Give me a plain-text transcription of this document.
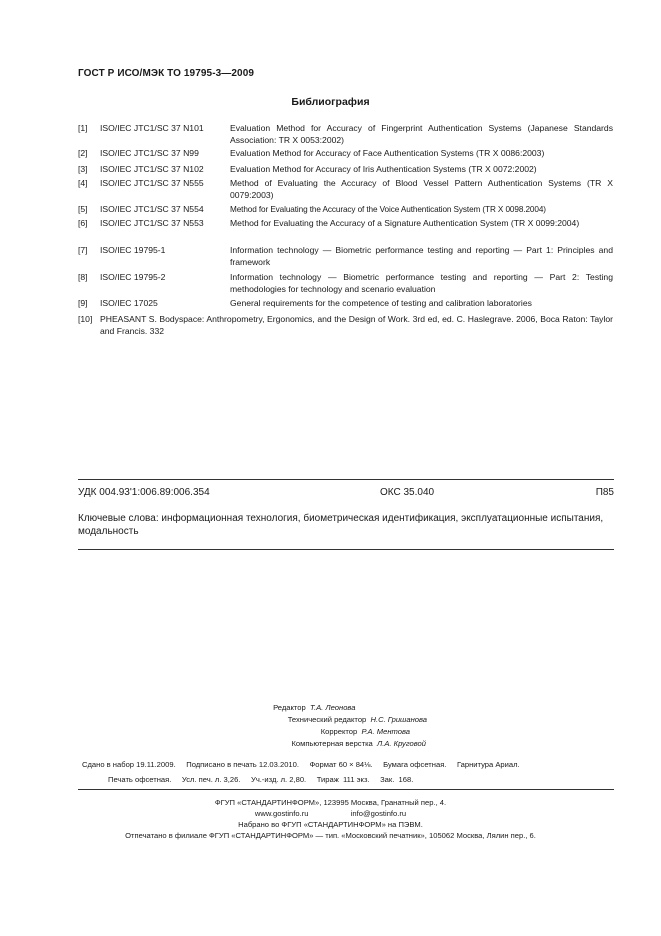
ГОСТ Р ИСО/МЭК ТО 19795-3—2009
Библиография
[1] ISO/IEC JTC1/SC 37 N101	Evaluation Method for Accuracy of Fingerprint Authentication Systems (Japanese Standards Association: TR X 0053:2002)
[2] ISO/IEC JTC1/SC 37 N99	Evaluation Method for Accuracy of Face Authentication Systems (TR X 0086:2003)
[3] ISO/IEC JTC1/SC 37 N102	Evaluation Method for Accuracy of Iris Authentication Systems (TR X 0072:2002)
[4] ISO/IEC JTC1/SC 37 N555	Method of Evaluating the Accuracy of Blood Vessel Pattern Authentication Systems (TR X 0079:2003)
[5] ISO/IEC JTC1/SC 37 N554	Method for Evaluating the Accuracy of the Voice Authentication System (TR X 0098.2004)
[6] ISO/IEC JTC1/SC 37 N553	Method for Evaluating the Accuracy of a Signature Authentication System (TR X 0099:2004)
[7] ISO/IEC 19795-1	Information technology — Biometric performance testing and reporting — Part 1: Principles and framework
[8] ISO/IEC 19795-2	Information technology — Biometric performance testing and reporting — Part 2: Testing methodologies for technology and scenario evaluation
[9] ISO/IEC 17025	General requirements for the competence of testing and calibration laboratories
[10] PHEASANT S. Bodyspace: Anthropometry, Ergonomics, and the Design of Work. 3rd ed, ed. C. Haslegrave. 2006, Boca Raton: Taylor and Francis. 332
УДК 004.93'1:006.89:006.354	ОКС 35.040	П85
Ключевые слова: информационная технология, биометрическая идентификация, эксплуатационные испытания, модальность
Редактор Т.А. Леонова
Технический редактор Н.С. Гришанова
Корректор Р.А. Ментова
Компьютерная верстка Л.А. Круговой
Сдано в набор 19.11.2009.     Подписано в печать 12.03.2010.     Формат 60 × 84⅛.     Бумага офсетная.     Гарнитура Ариал.
Печать офсетная.     Усл. печ. л. 3,26.     Уч.-изд. л. 2,80.     Тираж  111 экз.     Зак.  168.
ФГУП «СТАНДАРТИНФОРМ», 123995 Москва, Гранатный пер., 4.
www.gostinfo.ru	info@gostinfo.ru
Набрано во ФГУП «СТАНДАРТИНФОРМ» на ПЭВМ.
Отпечатано в филиале ФГУП «СТАНДАРТИНФОРМ» — тип. «Московский печатник», 105062 Москва, Лялин пер., 6.
